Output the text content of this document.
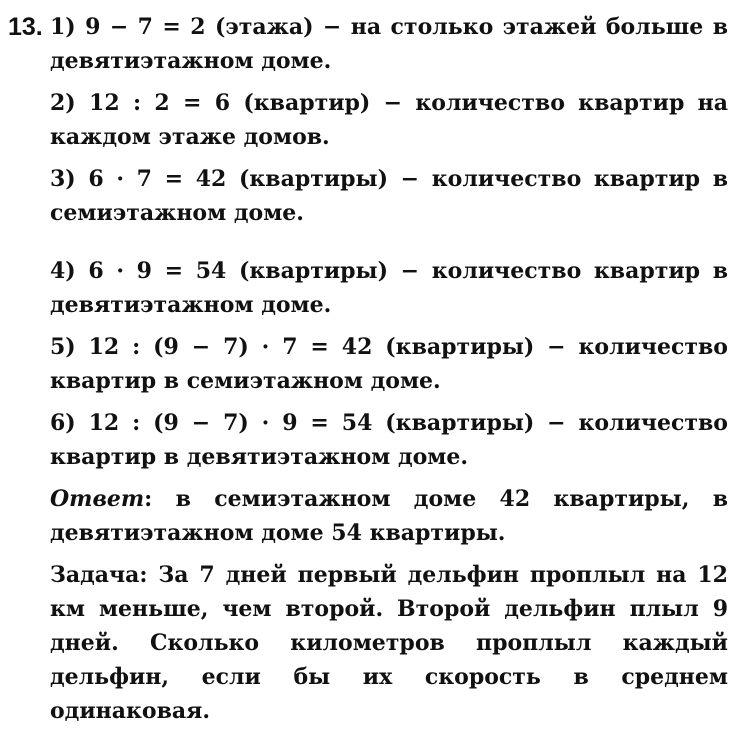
13. 1) 9 − 7 = 2 (этажа) − на столько этажей больше в девятиэтажном доме.

2) 12 : 2 = 6 (квартир) − количество квартир на каждом этаже домов.

3) 6 · 7 = 42 (квартиры) − количество квартир в семиэтажном доме.

4) 6 · 9 = 54 (квартиры) − количество квартир в девятиэтажном доме.

5) 12 : (9 − 7) · 7 = 42 (квартиры) − количество квартир в семиэтажном доме.

6) 12 : (9 − 7) · 9 = 54 (квартиры) − количество квартир в девятиэтажном доме.

Ответ: в семиэтажном доме 42 квартиры, в девятиэтажном доме 54 квартиры.

Задача: За 7 дней первый дельфин проплыл на 12 км меньше, чем второй. Второй дельфин плыл 9 дней. Сколько километров проплыл каждый дельфин, если бы их скорость в среднем одинаковая.
